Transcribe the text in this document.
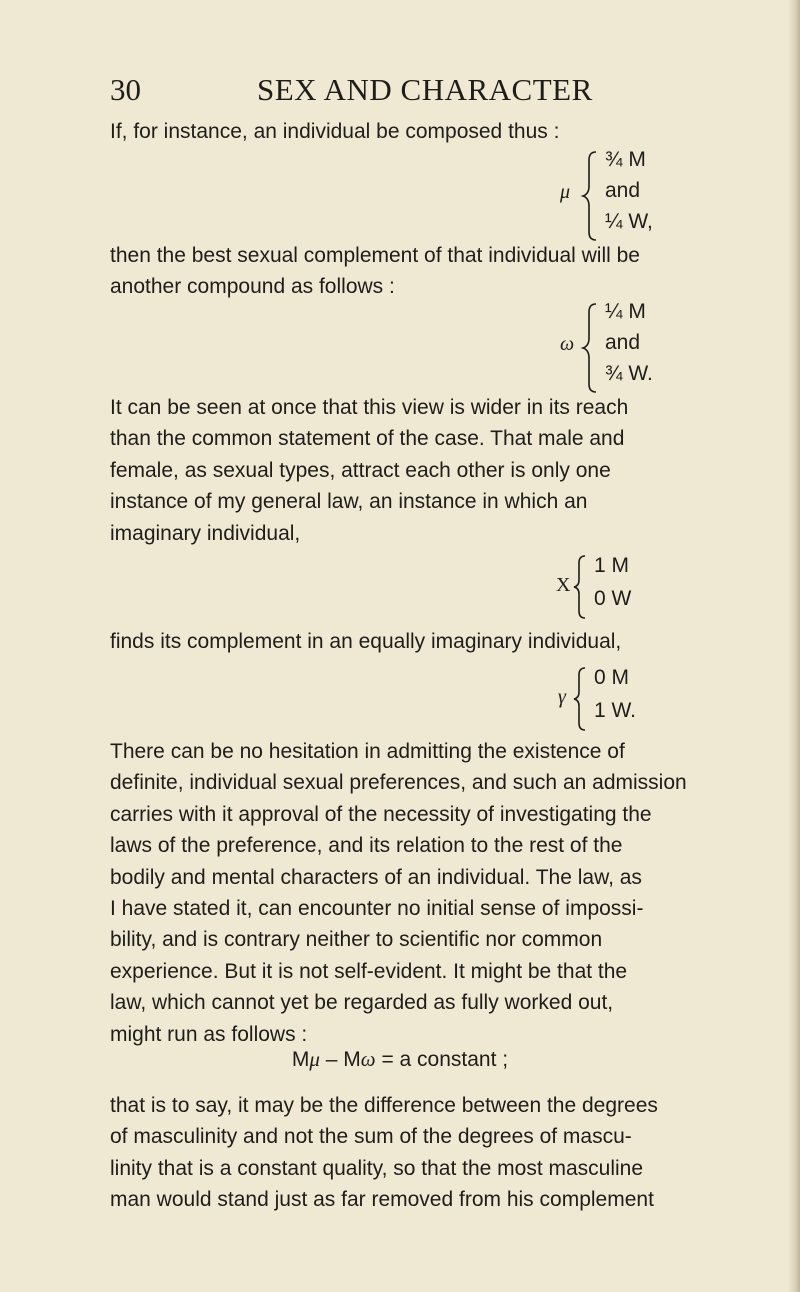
30	SEX AND CHARACTER

If, for instance, an individual be composed thus :

μ
¾ M
and
¼ W,

then the best sexual complement of that individual will be
another compound as follows :

ω
¼ M
and
¾ W.

It can be seen at once that this view is wider in its reach
than the common statement of the case. That male and
female, as sexual types, attract each other is only one
instance of my general law, an instance in which an
imaginary individual,

X
1 M
0 W

finds its complement in an equally imaginary individual,

γ
0 M
1 W.

There can be no hesitation in admitting the existence of
definite, individual sexual preferences, and such an admission
carries with it approval of the necessity of investigating the
laws of the preference, and its relation to the rest of the
bodily and mental characters of an individual. The law, as
I have stated it, can encounter no initial sense of impossi-
bility, and is contrary neither to scientific nor common
experience. But it is not self-evident. It might be that the
law, which cannot yet be regarded as fully worked out,
might run as follows :

Mμ – Mω = a constant ;

that is to say, it may be the difference between the degrees
of masculinity and not the sum of the degrees of mascu-
linity that is a constant quality, so that the most masculine
man would stand just as far removed from his complement
